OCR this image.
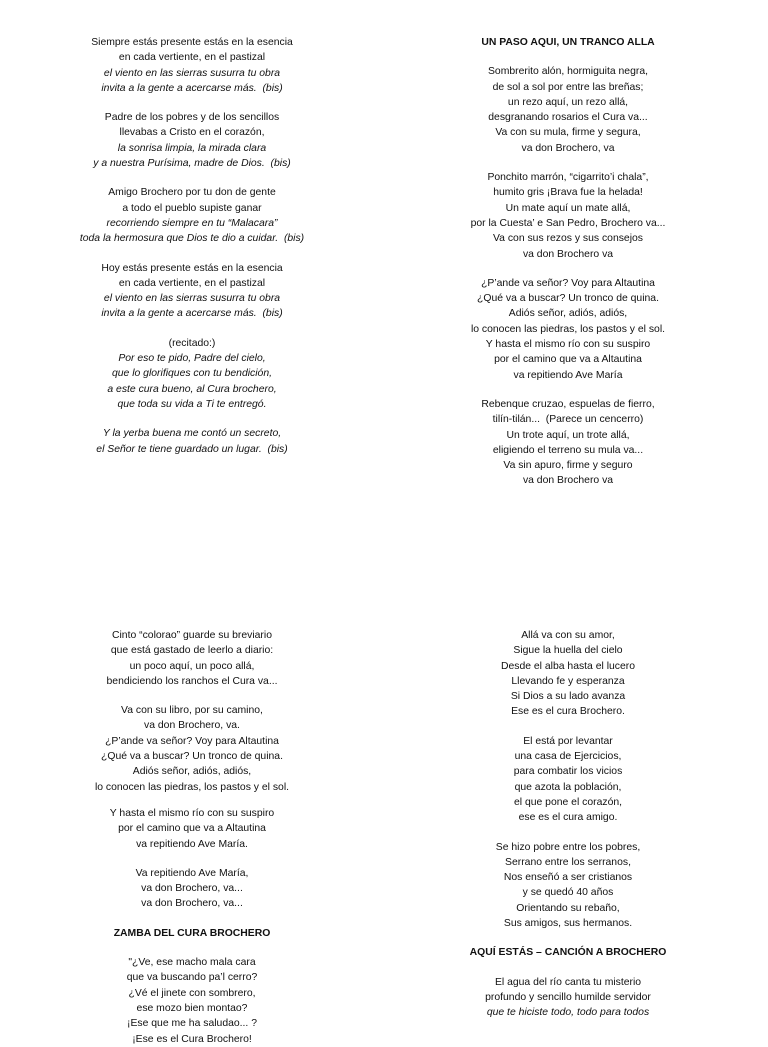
Siempre estás presente estás en la esencia
en cada vertiente, en el pastizal
el viento en las sierras susurra tu obra
invita a la gente a acercarse más.  (bis)
Padre de los pobres y de los sencillos
llevabas a Cristo en el corazón,
la sonrisa limpia, la mirada clara
y a nuestra Purísima, madre de Dios.  (bis)
Amigo Brochero por tu don de gente
a todo el pueblo supiste ganar
recorriendo siempre en tu “Malacara”
toda la hermosura que Dios te dio a cuidar.  (bis)
Hoy estás presente estás en la esencia
en cada vertiente, en el pastizal
el viento en las sierras susurra tu obra
invita a la gente a acercarse más.  (bis)
(recitado:)
Por eso te pido, Padre del cielo,
que lo glorifiques con tu bendición,
a este cura bueno, al Cura brochero,
que toda su vida a Ti te entregó.
Y la yerba buena me contó un secreto,
el Señor te tiene guardado un lugar.  (bis)
UN PASO AQUI, UN TRANCO ALLA
Sombrerito alón, hormiguita negra,
de sol a sol por entre las breñas;
un rezo aquí, un rezo allá,
desgranando rosarios el Cura va...
Va con su mula, firme y segura,
va don Brochero, va
Ponchito marrón, “cigarrito’i chala”,
humito gris ¡Brava fue la helada!
Un mate aquí un mate allá,
por la Cuesta’ e San Pedro, Brochero va...
Va con sus rezos y sus consejos
va don Brochero va
¿P’ande va señor? Voy para Altautina
¿Qué va a buscar? Un tronco de quina.
Adiós señor, adiós, adiós,
lo conocen las piedras, los pastos y el sol.
Y hasta el mismo río con su suspiro
por el camino que va a Altautina
va repitiendo Ave María
Rebenque cruzao, espuelas de fierro,
tilín-tilán...  (Parece un cencerro)
Un trote aquí, un trote allá,
eligiendo el terreno su mula va...
Va sin apuro, firme y seguro
va don Brochero va
Cinto “colorao” guarde su breviario
que está gastado de leerlo a diario:
un poco aquí, un poco allá,
bendiciendo los ranchos el Cura va...
Va con su libro, por su camino,
va don Brochero, va.
¿P’ande va señor? Voy para Altautina
¿Qué va a buscar? Un tronco de quina.
Adiós señor, adiós, adiós,
lo conocen las piedras, los pastos y el sol.
Y hasta el mismo río con su suspiro
por el camino que va a Altautina
va repitiendo Ave María.
Va repitiendo Ave María,
va don Brochero, va...
va don Brochero, va...
ZAMBA DEL CURA BROCHERO
"¿Ve, ese macho mala cara
que va buscando pa’l cerro?
¿Vé el jinete con sombrero,
ese mozo bien montao?
¡Ese que me ha saludao... ?
¡Ese es el Cura Brochero!
Allá va con su amor,
Sigue la huella del cielo
Desde el alba hasta el lucero
Llevando fe y esperanza
Si Dios a su lado avanza
Ese es el cura Brochero.
El está por levantar
una casa de Ejercicios,
para combatir los vicios
que azota la población,
el que pone el corazón,
ese es el cura amigo.
Se hizo pobre entre los pobres,
Serrano entre los serranos,
Nos enseñó a ser cristianos
y se quedó 40 años
Orientando su rebaño,
Sus amigos, sus hermanos.
AQUÍ ESTÁS – CANCIÓN A BROCHERO
El agua del río canta tu misterio
profundo y sencillo humilde servidor
que te hiciste todo, todo para todos
